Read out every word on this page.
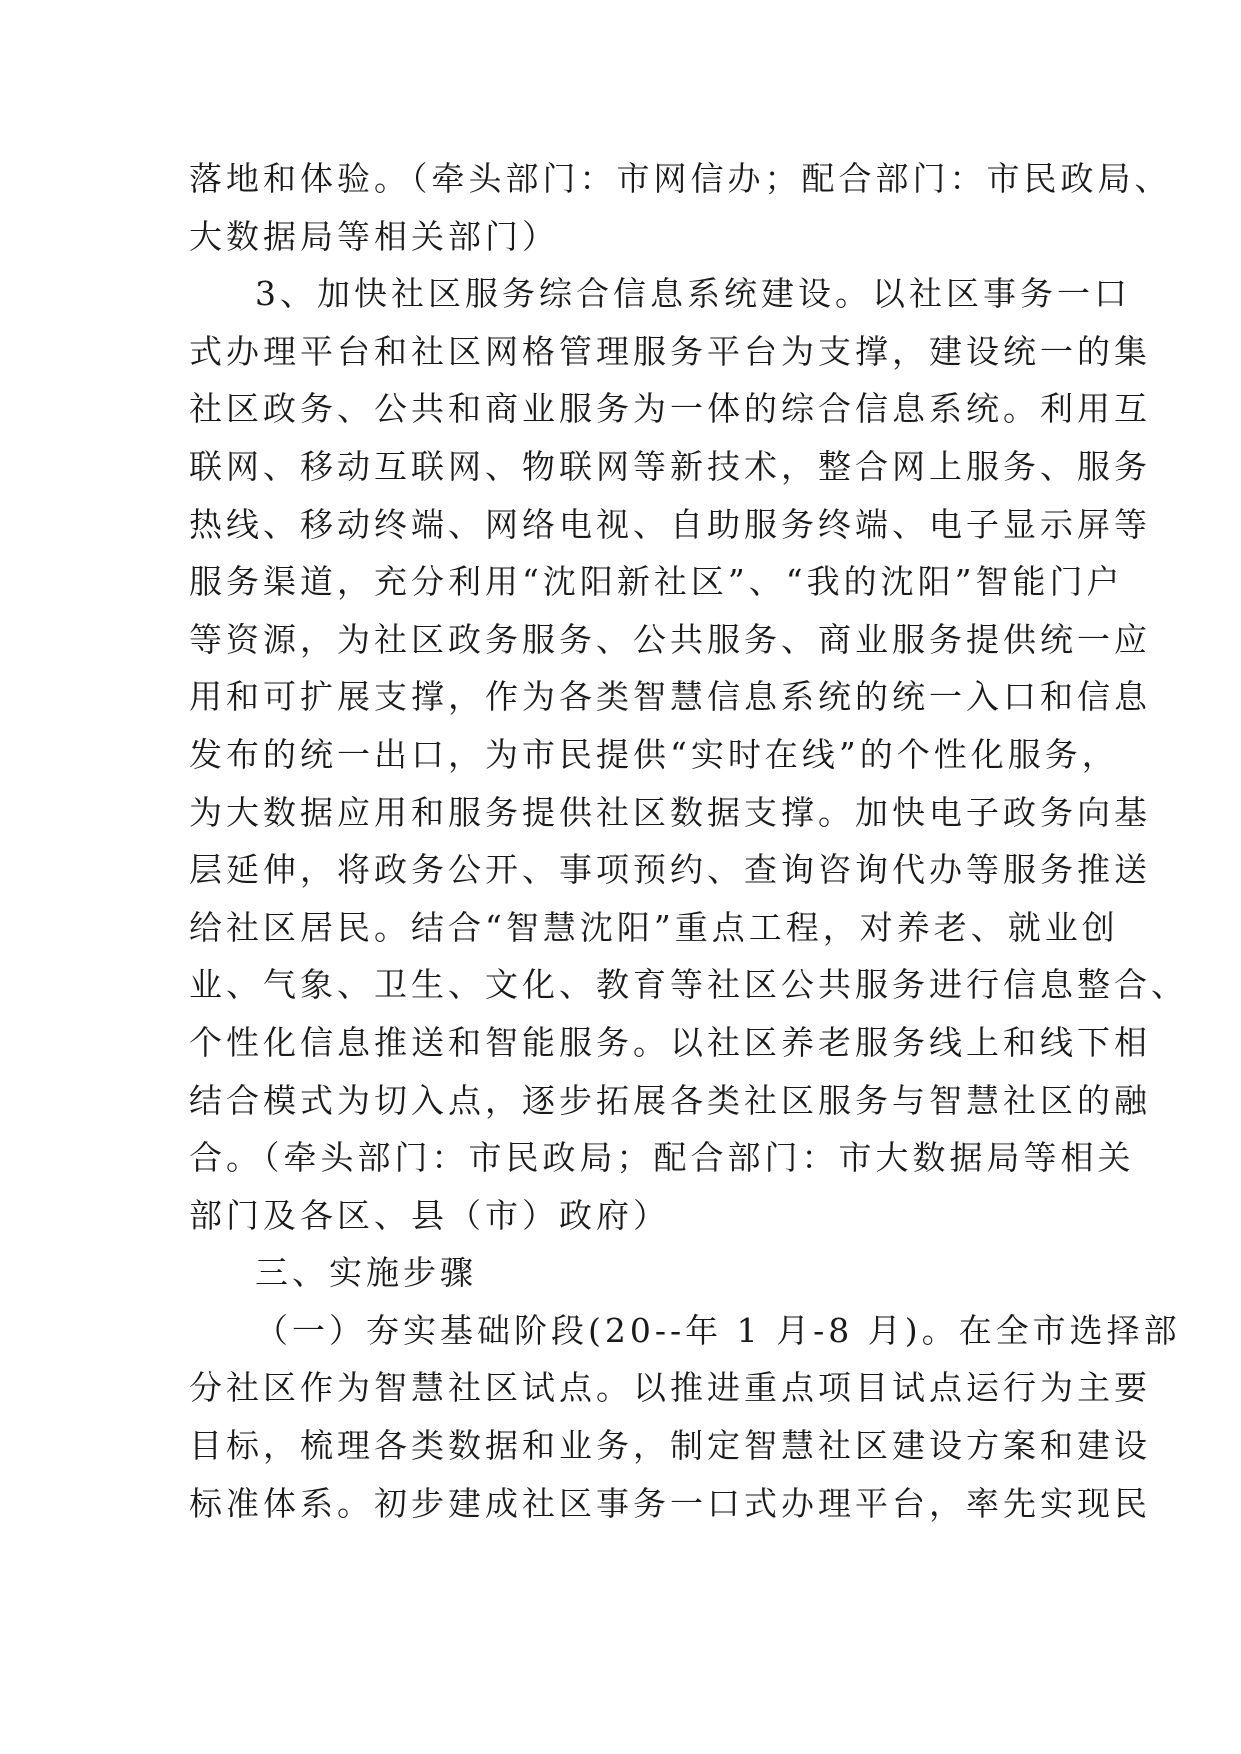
落地和体验。（牵头部门：市网信办；配合部门：市民政局、
大数据局等相关部门）
3、加快社区服务综合信息系统建设。以社区事务一口
式办理平台和社区网格管理服务平台为支撑，建设统一的集
社区政务、公共和商业服务为一体的综合信息系统。利用互
联网、移动互联网、物联网等新技术，整合网上服务、服务
热线、移动终端、网络电视、自助服务终端、电子显示屏等
服务渠道，充分利用“沈阳新社区”、“我的沈阳”智能门户
等资源，为社区政务服务、公共服务、商业服务提供统一应
用和可扩展支撑，作为各类智慧信息系统的统一入口和信息
发布的统一出口，为市民提供“实时在线”的个性化服务，
为大数据应用和服务提供社区数据支撑。加快电子政务向基
层延伸，将政务公开、事项预约、查询咨询代办等服务推送
给社区居民。结合“智慧沈阳”重点工程，对养老、就业创
业、气象、卫生、文化、教育等社区公共服务进行信息整合、
个性化信息推送和智能服务。以社区养老服务线上和线下相
结合模式为切入点，逐步拓展各类社区服务与智慧社区的融
合。（牵头部门：市民政局；配合部门：市大数据局等相关
部门及各区、县（市）政府）
三、实施步骤
（一）夯实基础阶段(20--年 1 月-8 月)。在全市选择部
分社区作为智慧社区试点。以推进重点项目试点运行为主要
目标，梳理各类数据和业务，制定智慧社区建设方案和建设
标准体系。初步建成社区事务一口式办理平台，率先实现民
